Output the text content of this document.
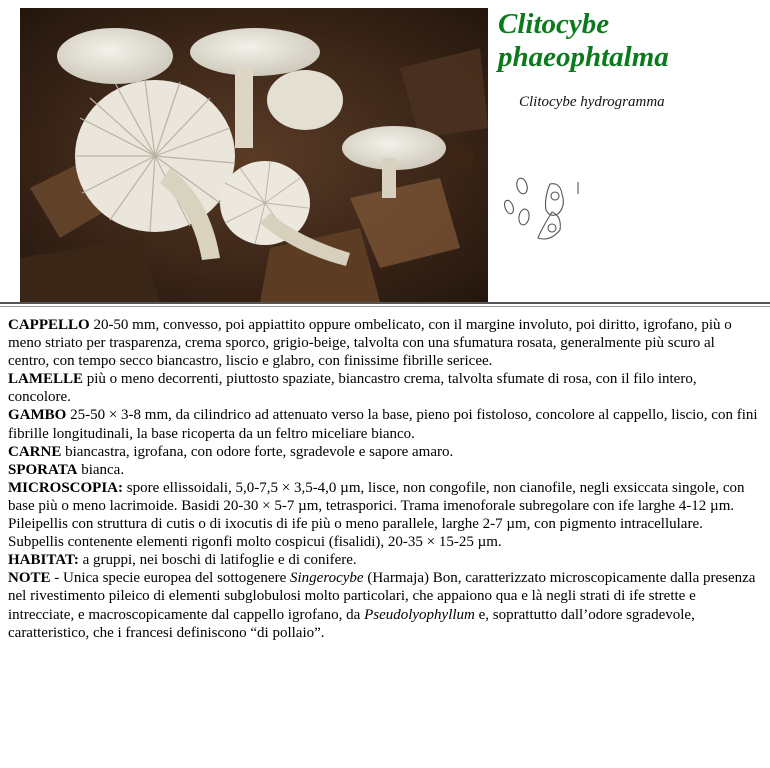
Clitocybe
phaeophtalma
Clitocybe hydrogramma

CAPPELLO 20-50 mm, convesso, poi appiattito oppure ombelicato, con il margine involuto, poi diritto, igrofano, più o meno striato per trasparenza, crema sporco, grigio-beige, talvolta con una sfumatura rosata, generalmente più scuro al centro, con tempo secco biancastro, liscio e glabro, con finissime fibrille sericee.

LAMELLE più o meno decorrenti, piuttosto spaziate, biancastro crema, talvolta sfumate di rosa, con il filo intero, concolore.

GAMBO 25-50 × 3-8 mm, da cilindrico ad attenuato verso la base, pieno poi fistoloso, concolore al cappello, liscio, con fini fibrille longitudinali, la base ricoperta da un feltro miceliare bianco.

CARNE biancastra, igrofana, con odore forte, sgradevole e sapore amaro.

SPORATA bianca.

MICROSCOPIA: spore ellissoidali, 5,0-7,5 × 3,5-4,0 µm, lisce, non congofile, non cianofile, negli exsiccata singole, con base più o meno lacrimoide. Basidi 20-30 × 5-7 µm, tetrasporici. Trama imenoforale subregolare con ife larghe 4-12 µm. Pileipellis con struttura di cutis o di ixocutis di ife più o meno parallele, larghe 2-7 µm, con pigmento intracellulare. Subpellis contenente elementi rigonfi molto cospicui (fisalidi), 20-35 × 15-25 µm.

HABITAT: a gruppi, nei boschi di latifoglie e di conifere.

NOTE - Unica specie europea del sottogenere Singerocybe (Harmaja) Bon, caratterizzato microscopicamente dalla presenza nel rivestimento pileico di elementi subglobulosi molto particolari, che appaiono qua e là negli strati di ife strette e intrecciate, e macroscopicamente dal cappello igrofano, da Pseudolyophyllum e, soprattutto dall’odore sgradevole, caratteristico, che i francesi definiscono “di pollaio”.
